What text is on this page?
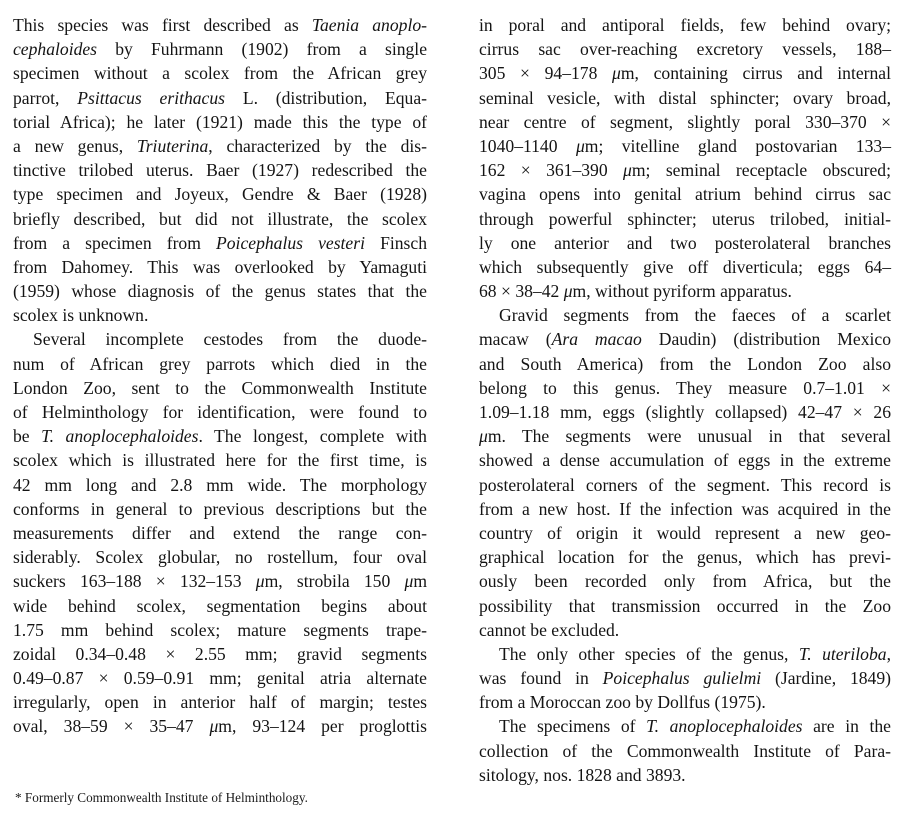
This species was first described as Taenia anoplo-
cephaloides by Fuhrmann (1902) from a single
specimen without a scolex from the African grey
parrot, Psittacus erithacus L. (distribution, Equa-
torial Africa); he later (1921) made this the type of
a new genus, Triuterina, characterized by the dis-
tinctive trilobed uterus. Baer (1927) redescribed the
type specimen and Joyeux, Gendre & Baer (1928)
briefly described, but did not illustrate, the scolex
from a specimen from Poicephalus vesteri Finsch
from Dahomey. This was overlooked by Yamaguti
(1959) whose diagnosis of the genus states that the
scolex is unknown.
Several incomplete cestodes from the duode-
num of African grey parrots which died in the
London Zoo, sent to the Commonwealth Institute
of Helminthology for identification, were found to
be T. anoplocephaloides. The longest, complete with
scolex which is illustrated here for the first time, is
42 mm long and 2.8 mm wide. The morphology
conforms in general to previous descriptions but the
measurements differ and extend the range con-
siderably. Scolex globular, no rostellum, four oval
suckers 163–188 × 132–153 μm, strobila 150 μm
wide behind scolex, segmentation begins about
1.75 mm behind scolex; mature segments trape-
zoidal 0.34–0.48 × 2.55 mm; gravid segments
0.49–0.87 × 0.59–0.91 mm; genital atria alternate
irregularly, open in anterior half of margin; testes
oval, 38–59 × 35–47 μm, 93–124 per proglottis
in poral and antiporal fields, few behind ovary;
cirrus sac over-reaching excretory vessels, 188–
305 × 94–178 μm, containing cirrus and internal
seminal vesicle, with distal sphincter; ovary broad,
near centre of segment, slightly poral 330–370 ×
1040–1140 μm; vitelline gland postovarian 133–
162 × 361–390 μm; seminal receptacle obscured;
vagina opens into genital atrium behind cirrus sac
through powerful sphincter; uterus trilobed, initial-
ly one anterior and two posterolateral branches
which subsequently give off diverticula; eggs 64–
68 × 38–42 μm, without pyriform apparatus.
Gravid segments from the faeces of a scarlet
macaw (Ara macao Daudin) (distribution Mexico
and South America) from the London Zoo also
belong to this genus. They measure 0.7–1.01 ×
1.09–1.18 mm, eggs (slightly collapsed) 42–47 × 26
μm. The segments were unusual in that several
showed a dense accumulation of eggs in the extreme
posterolateral corners of the segment. This record is
from a new host. If the infection was acquired in the
country of origin it would represent a new geo-
graphical location for the genus, which has previ-
ously been recorded only from Africa, but the
possibility that transmission occurred in the Zoo
cannot be excluded.
The only other species of the genus, T. uteriloba,
was found in Poicephalus gulielmi (Jardine, 1849)
from a Moroccan zoo by Dollfus (1975).
The specimens of T. anoplocephaloides are in the
collection of the Commonwealth Institute of Para-
sitology, nos. 1828 and 3893.
* Formerly Commonwealth Institute of Helminthology.
